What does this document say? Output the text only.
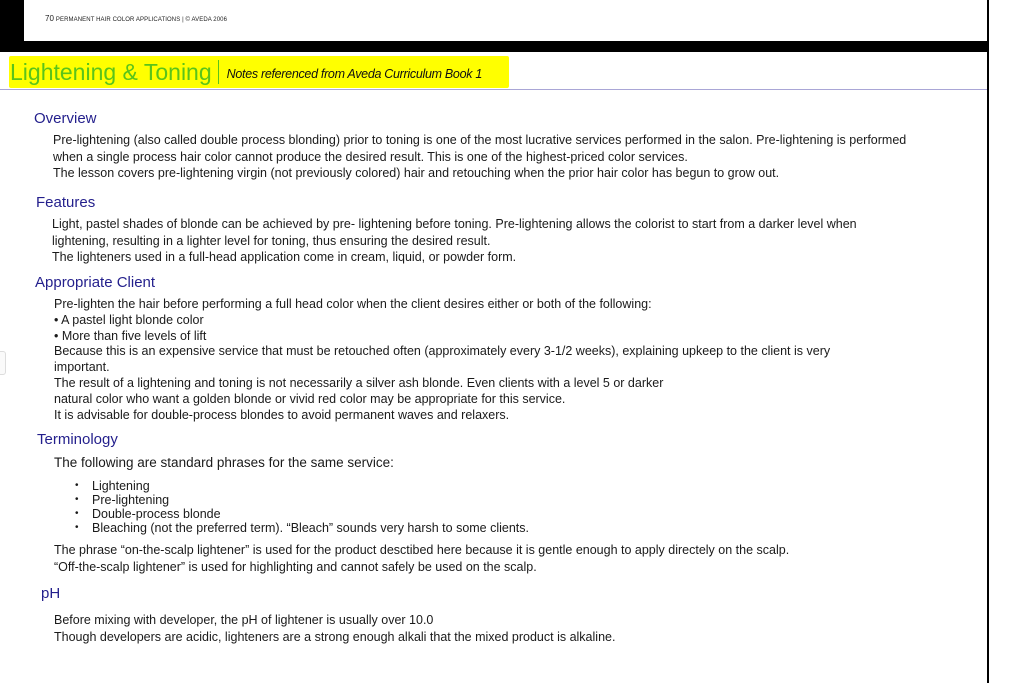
70 PERMANENT HAIR COLOR APPLICATIONS | © AVEDA 2006
Lightening & Toning Notes referenced from Aveda Curriculum Book 1
Overview
Pre-lightening (also called double process blonding) prior to toning is one of the most lucrative services performed in the salon. Pre-lightening is performed
when a single process hair color cannot produce the desired result. This is one of the highest-priced color services.
The lesson covers pre-lightening virgin (not previously colored) hair and retouching when the prior hair color has begun to grow out.
Features
Light, pastel shades of blonde can be achieved by pre- lightening before toning. Pre-lightening allows the colorist to start from a darker level when
lightening, resulting in a lighter level for toning, thus ensuring the desired result.
The lighteners used in a full-head application come in cream, liquid, or powder form.
Appropriate Client
Pre-lighten the hair before performing a full head color when the client desires either or both of the following:
• A pastel light blonde color
• More than five levels of lift
Because this is an expensive service that must be retouched often (approximately every 3-1/2 weeks), explaining upkeep to the client is very
important.
The result of a lightening and toning is not necessarily a silver ash blonde. Even clients with a level 5 or darker
natural color who want a golden blonde or vivid red color may be appropriate for this service.
It is advisable for double-process blondes to avoid permanent waves and relaxers.
Terminology
The following are standard phrases for the same service:
• Lightening
• Pre-lightening
• Double-process blonde
• Bleaching (not the preferred term). “Bleach” sounds very harsh to some clients.
The phrase “on-the-scalp lightener” is used for the product desctibed here because it is gentle enough to apply directely on the scalp.
“Off-the-scalp lightener” is used for highlighting and cannot safely be used on the scalp.
pH
Before mixing with developer, the pH of lightener is usually over 10.0
Though developers are acidic, lighteners are a strong enough alkali that the mixed product is alkaline.
